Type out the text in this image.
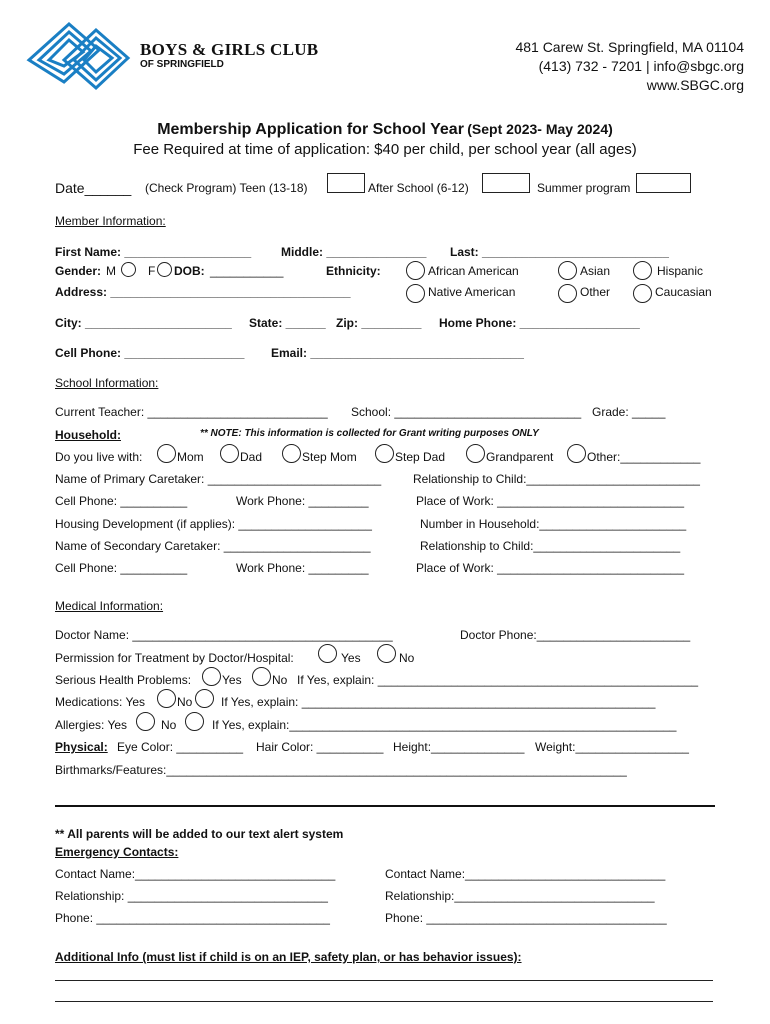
BOYS & GIRLS CLUB
OF SPRINGFIELD
481 Carew St. Springfield, MA 01104
(413) 732 - 7201 | info@sbgc.org
www.SBGC.org
Membership Application for School Year (Sept 2023- May 2024)
Fee Required at time of application: $40 per child, per school year (all ages)
Date______ (Check Program) Teen (13-18)	After School (6-12)	Summer program
Member Information:
First Name: ___________________ Middle: _______________ Last: ____________________________
Gender: M	F DOB: ___________	Ethnicity:	African American	Asian	Hispanic
Address: ____________________________________	Native American	Other	Caucasian
City: ______________________ State: ______ Zip: _________ Home Phone: __________________
Cell Phone: __________________ Email: ________________________________
School Information:
Current Teacher: ___________________________ School: ____________________________ Grade: _____
Household:	** NOTE: This information is collected for Grant writing purposes ONLY
Do you live with:	Mom	Dad	Step Mom	Step Dad	Grandparent	Other:____________
Name of Primary Caretaker: __________________________	Relationship to Child:__________________________
Cell Phone: __________	Work Phone: _________	Place of Work: ____________________________
Housing Development (if applies): ____________________	Number in Household:______________________
Name of Secondary Caretaker: ______________________	Relationship to Child:______________________
Cell Phone: __________	Work Phone: _________	Place of Work: ____________________________
Medical Information:
Doctor Name: _______________________________________	Doctor Phone:_______________________
Permission for Treatment by Doctor/Hospital:	Yes	No
Serious Health Problems:	Yes	No If Yes, explain: ________________________________________________
Medications: Yes	No If Yes, explain: _____________________________________________________
Allergies: Yes	No	If Yes, explain:__________________________________________________________
Physical: Eye Color: __________ Hair Color: __________ Height:______________ Weight:_________________
Birthmarks/Features:_____________________________________________________________________
** All parents will be added to our text alert system
Emergency Contacts:
Contact Name:______________________________	Contact Name:______________________________
Relationship: ______________________________	Relationship:______________________________
Phone: ___________________________________	Phone: ____________________________________
Additional Info (must list if child is on an IEP, safety plan, or has behavior issues):
